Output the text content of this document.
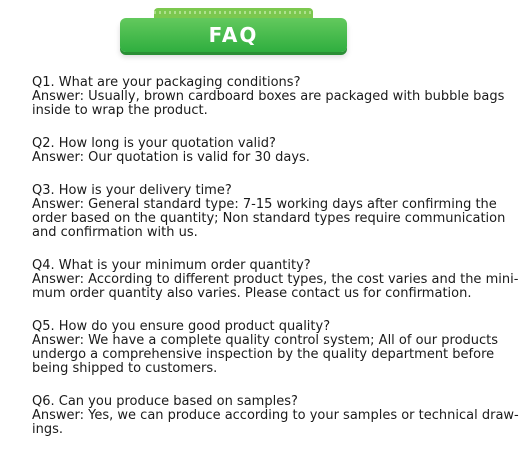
FAQ
Q1. What are your packaging conditions?
Answer: Usually, brown cardboard boxes are packaged with bubble bags
inside to wrap the product.
Q2. How long is your quotation valid?
Answer: Our quotation is valid for 30 days.
Q3. How is your delivery time?
Answer: General standard type: 7-15 working days after confirming the
order based on the quantity; Non standard types require communication
and confirmation with us.
Q4. What is your minimum order quantity?
Answer: According to different product types, the cost varies and the mini-
mum order quantity also varies. Please contact us for confirmation.
Q5. How do you ensure good product quality?
Answer: We have a complete quality control system; All of our products
undergo a comprehensive inspection by the quality department before
being shipped to customers.
Q6. Can you produce based on samples?
Answer: Yes, we can produce according to your samples or technical draw-
ings.
